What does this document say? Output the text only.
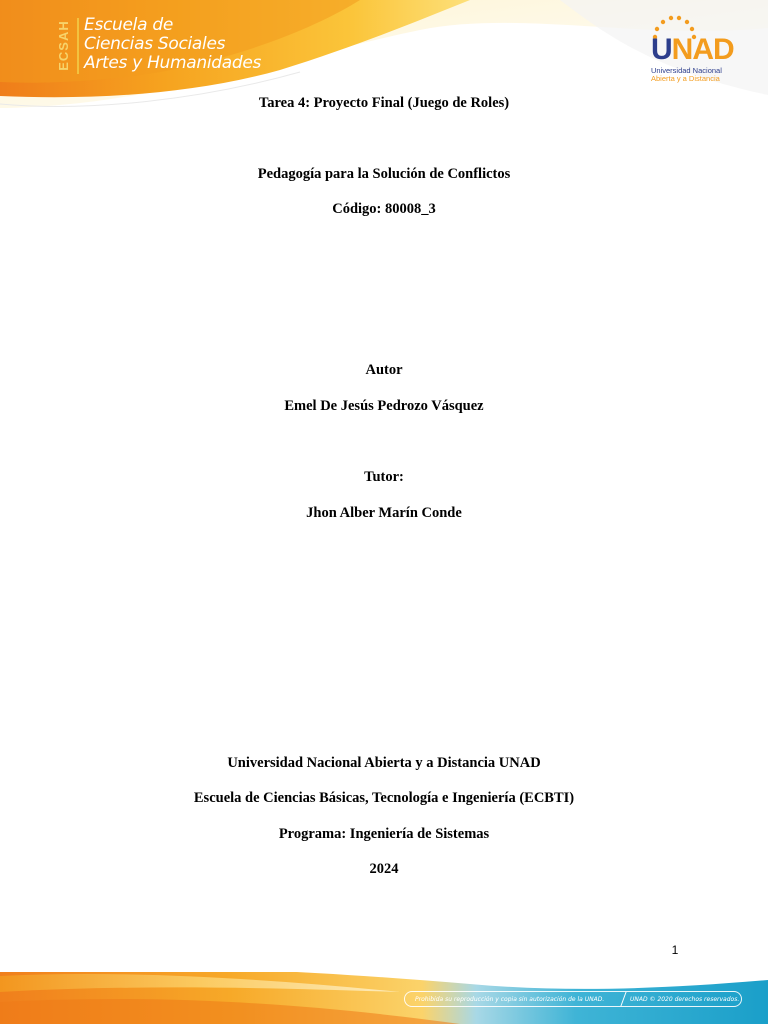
ECSAH Escuela de
Ciencias Sociales
Artes y Humanidades	UNAD
Universidad Nacional
Abierta y a Distancia
Tarea 4: Proyecto Final (Juego de Roles)
Pedagogía para la Solución de Conflictos
Código: 80008_3
Autor
Emel De Jesús Pedrozo Vásquez
Tutor:
Jhon Alber Marín Conde
Universidad Nacional Abierta y a Distancia UNAD
Escuela de Ciencias Básicas, Tecnología e Ingeniería (ECBTI)
Programa: Ingeniería de Sistemas
2024
1
Prohibida su reproducción y copia sin autorización de la UNAD.	UNAD © 2020 derechos reservados.
